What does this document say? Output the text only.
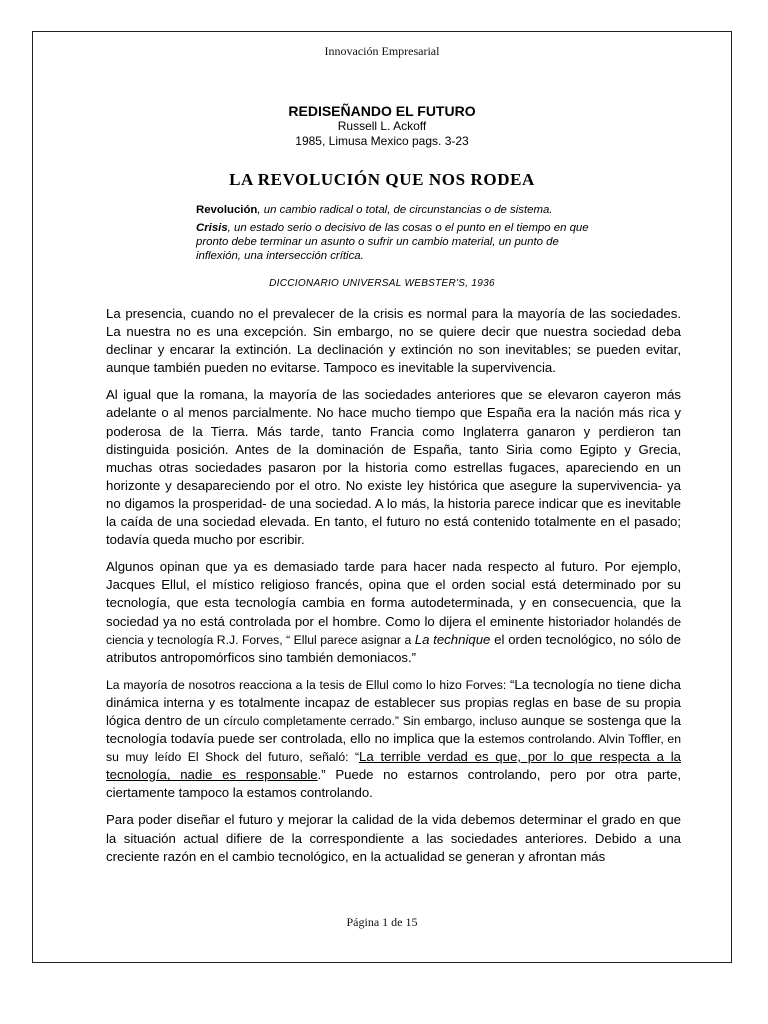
Innovación Empresarial
REDISEÑANDO EL FUTURO
Russell L. Ackoff
1985, Limusa Mexico pags. 3-23
LA REVOLUCIÓN QUE NOS RODEA

Revolución, un cambio radical o total, de circunstancias o de sistema.

Crisis, un estado serio o decisivo de las cosas o el punto en el tiempo en que pronto debe terminar un asunto o sufrir un cambio material, un punto de inflexión, una intersección crítica.

DICCIONARIO UNIVERSAL WEBSTER'S, 1936

La presencia, cuando no el prevalecer de la crisis es normal para la mayoría de las sociedades. La nuestra no es una excepción. Sin embargo, no se quiere decir que nuestra sociedad deba declinar y encarar la extinción. La declinación y extinción no son inevitables; se pueden evitar, aunque también pueden no evitarse. Tampoco es inevitable la supervivencia.

Al igual que la romana, la mayoría de las sociedades anteriores que se elevaron cayeron más adelante o al menos parcialmente. No hace mucho tiempo que España era la nación más rica y poderosa de la Tierra. Más tarde, tanto Francia como Inglaterra ganaron y perdieron tan distinguida posición. Antes de la dominación de España, tanto Siria como Egipto y Grecia, muchas otras sociedades pasaron por la historia como estrellas fugaces, apareciendo en un horizonte y desapareciendo por el otro. No existe ley histórica que asegure la supervivencia- ya no digamos la prosperidad- de una sociedad. A lo más, la historia parece indicar que es inevitable la caída de una sociedad elevada. En tanto, el futuro no está contenido totalmente en el pasado; todavía queda mucho por escribir.

Algunos opinan que ya es demasiado tarde para hacer nada respecto al futuro. Por ejemplo, Jacques Ellul, el místico religioso francés, opina que el orden social está determinado por su tecnología, que esta tecnología cambia en forma autodeterminada, y en consecuencia, que la sociedad ya no está controlada por el hombre. Como lo dijera el eminente historiador holandés de ciencia y tecnología R.J. Forves, “ Ellul parece asignar a La technique el orden tecnológico, no sólo de atributos antropomórficos sino también demoniacos.”

La mayoría de nosotros reacciona a la tesis de Ellul como lo hizo Forves: “La tecnología no tiene dicha dinámica interna y es totalmente incapaz de establecer sus propias reglas en base de su propia lógica dentro de un círculo completamente cerrado.” Sin embargo, incluso aunque se sostenga que la tecnología todavía puede ser controlada, ello no implica que la estemos controlando. Alvin Toffler, en su muy leído El Shock del futuro, señaló: “La terrible verdad es que, por lo que respecta a la tecnología, nadie es responsable.” Puede no estarnos controlando, pero por otra parte, ciertamente tampoco la estamos controlando.

Para poder diseñar el futuro y mejorar la calidad de la vida debemos determinar el grado en que la situación actual difiere de la correspondiente a las sociedades anteriores. Debido a una creciente razón en el cambio tecnológico, en la actualidad se generan y afrontan más

Página 1 de 15
